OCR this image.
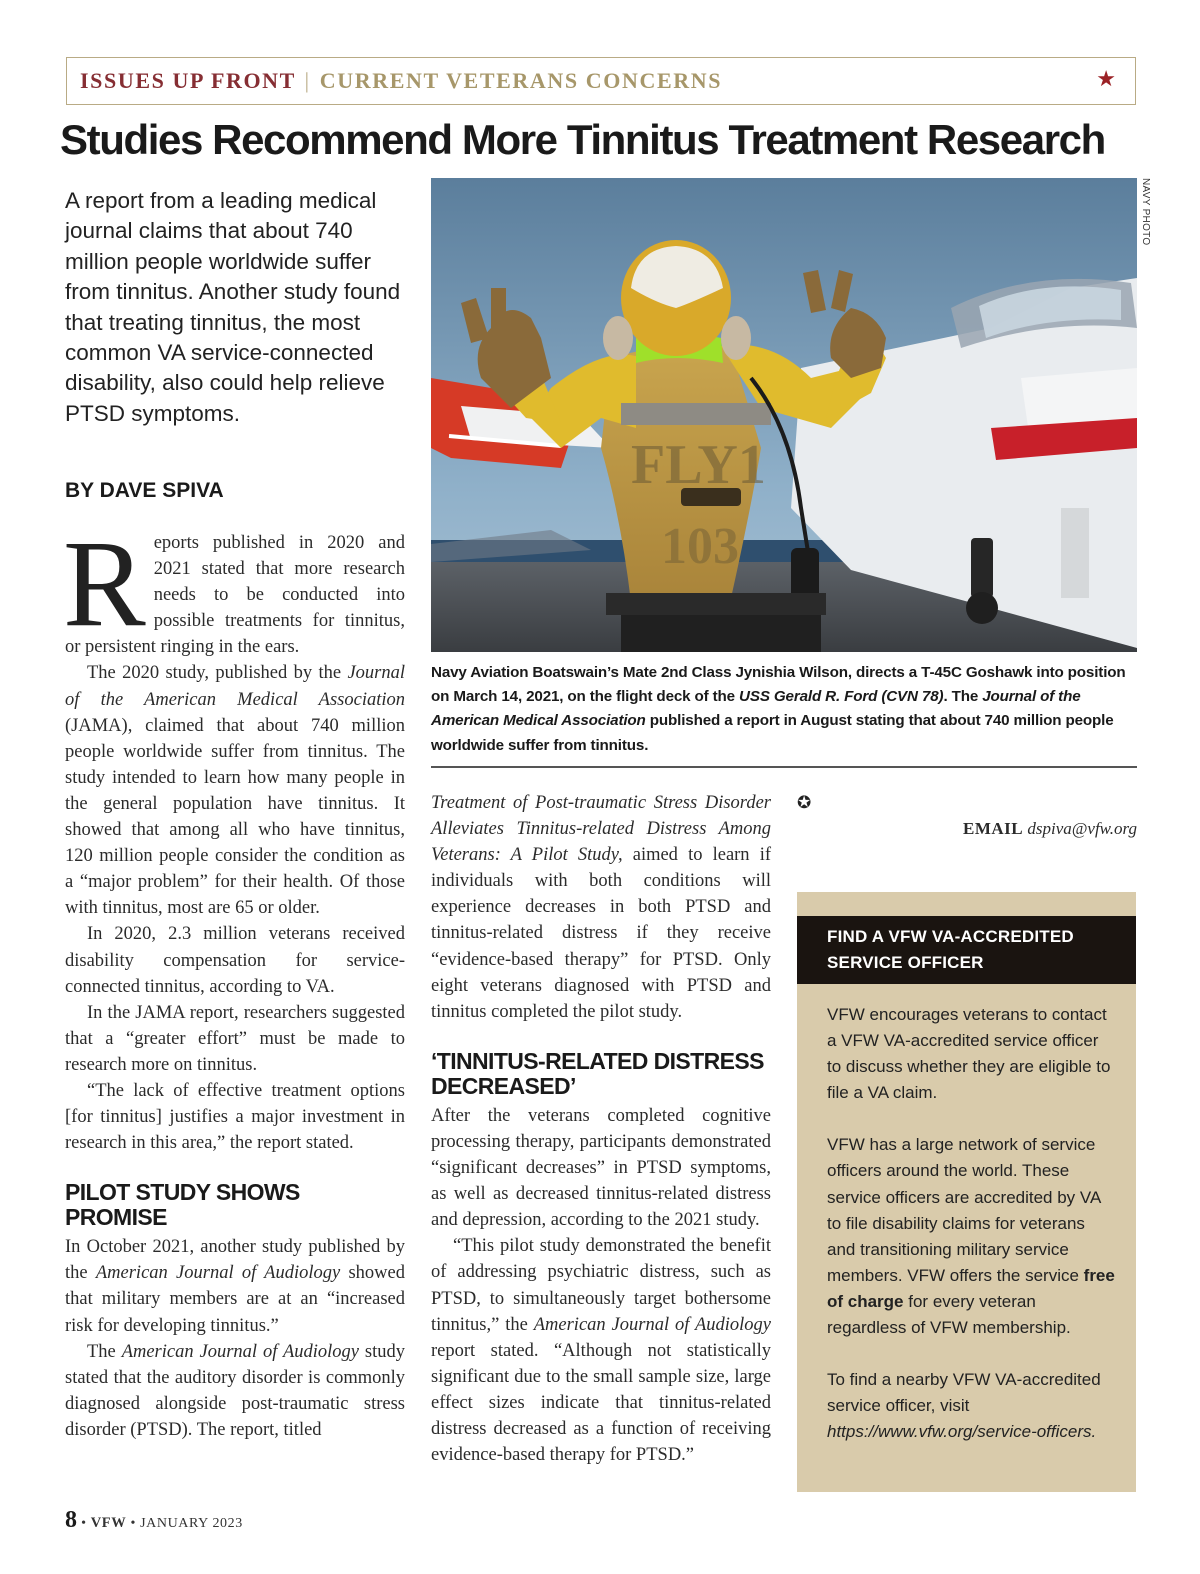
ISSUES UP FRONT | CURRENT VETERANS CONCERNS	★
Studies Recommend More Tinnitus Treatment Research
A report from a leading medical journal claims that about 740 million people worldwide suffer from tinnitus. Another study found that treating tinnitus, the most common VA service-connected disability, also could help relieve PTSD symptoms.
BY DAVE SPIVA

Reports published in 2020 and 2021 stated that more research needs to be conducted into possible treatments for tinnitus, or persistent ringing in the ears.

The 2020 study, published by the Journal of the American Medical Association (JAMA), claimed that about 740 million people worldwide suffer from tinnitus. The study intended to learn how many people in the general population have tinnitus. It showed that among all who have tinnitus, 120 million people consider the condition as a “major problem” for their health. Of those with tinnitus, most are 65 or older.

In 2020, 2.3 million veterans received disability compensation for service-connected tinnitus, according to VA.

In the JAMA report, researchers suggested that a “greater effort” must be made to research more on tinnitus.

“The lack of effective treatment options [for tinnitus] justifies a major investment in research in this area,” the report stated.

PILOT STUDY SHOWS PROMISE

In October 2021, another study published by the American Journal of Audiology showed that military members are at an “increased risk for developing tinnitus.”

The American Journal of Audiology study stated that the auditory disorder is commonly diagnosed alongside post-traumatic stress disorder (PTSD). The report, titled

FLY1
103
NAVY PHOTO
Navy Aviation Boatswain’s Mate 2nd Class Jynishia Wilson, directs a T-45C Goshawk into position on March 14, 2021, on the flight deck of the USS Gerald R. Ford (CVN 78). The Journal of the American Medical Association published a report in August stating that about 740 million people worldwide suffer from tinnitus.

Treatment of Post-traumatic Stress Disorder Alleviates Tinnitus-related Distress Among Veterans: A Pilot Study, aimed to learn if individuals with both conditions will experience decreases in both PTSD and tinnitus-related distress if they receive “evidence-based therapy” for PTSD. Only eight veterans diagnosed with PTSD and tinnitus completed the pilot study.

‘TINNITUS-RELATED DISTRESS DECREASED’

After the veterans completed cognitive processing therapy, participants demonstrated “significant decreases” in PTSD symptoms, as well as decreased tinnitus-related distress and depression, according to the 2021 study.

“This pilot study demonstrated the benefit of addressing psychiatric distress, such as PTSD, to simultaneously target bothersome tinnitus,” the American Journal of Audiology report stated. “Although not statistically significant due to the small sample size, large effect sizes indicate that tinnitus-related distress decreased as a function of receiving evidence-based therapy for PTSD.”

✪

EMAIL dspiva@vfw.org

FIND A VFW VA-ACCREDITED SERVICE OFFICER

VFW encourages veterans to contact a VFW VA-accredited service officer to discuss whether they are eligible to file a VA claim.

VFW has a large network of service officers around the world. These service officers are accredited by VA to file disability claims for veterans and transitioning military service members. VFW offers the service free of charge for every veteran regardless of VFW membership.

To find a nearby VFW VA-accredited service officer, visit https://www.vfw.org/service-officers.

8 • VFW • JANUARY 2023
